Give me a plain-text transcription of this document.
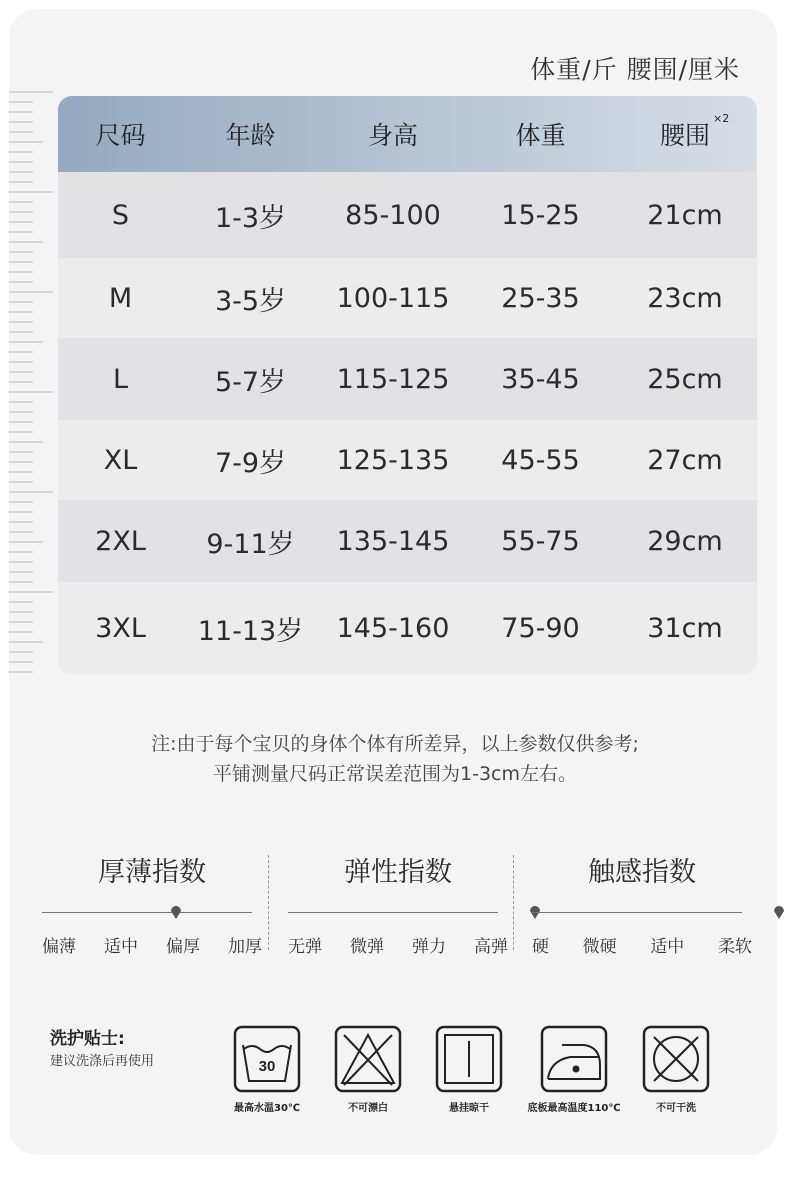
体重/斤 腰围/厘米
尺码	年龄	身高	体重	腰围
×2
S	1-3岁	85-100	15-25	21cm
M	3-5岁	100-115	25-35	23cm
L	5-7岁	115-125	35-45	25cm
XL	7-9岁	125-135	45-55	27cm
2XL	9-11岁	135-145	55-75	29cm
3XL	11-13岁	145-160	75-90	31cm
注:由于每个宝贝的身体个体有所差异，以上参数仅供参考;
平铺测量尺码正常误差范围为1-3cm左右。
厚薄指数
偏薄 适中 偏厚 加厚
弹性指数
无弹 微弹 弹力 高弹
触感指数
硬 微硬 适中 柔软
洗护贴士:
建议洗涤后再使用	30
最高水温30℃	不可漂白	悬挂晾干	底板最高温度110℃	不可干洗
